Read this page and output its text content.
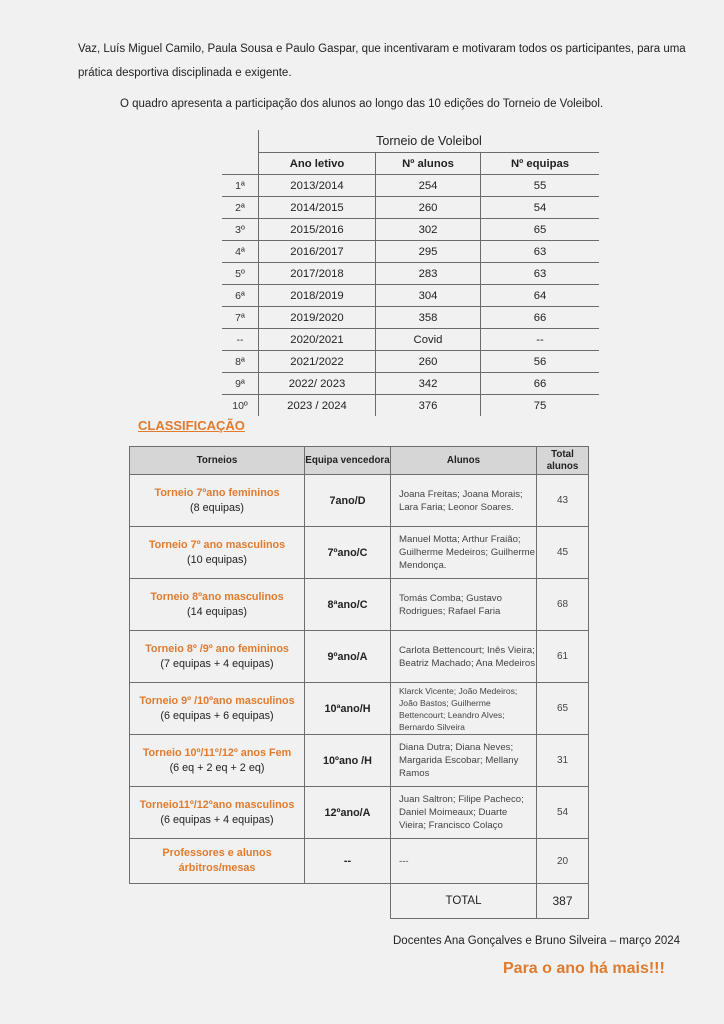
Vaz, Luís Miguel Camilo, Paula Sousa e Paulo Gaspar, que incentivaram e motivaram todos os participantes, para uma
prática desportiva disciplinada e exigente.
O quadro apresenta a participação dos alunos ao longo das 10 edições do Torneio de Voleibol.
	Torneio de Voleibol		
	Ano letivo	Nº alunos	Nº equipas
1ª	2013/2014	254	55
2ª	2014/2015	260	54
3º	2015/2016	302	65
4ª	2016/2017	295	63
5º	2017/2018	283	63
6ª	2018/2019	304	64
7ª	2019/2020	358	66
--	2020/2021	Covid	--
8ª	2021/2022	260	56
9ª	2022/ 2023	342	66
10º	2023 / 2024	376	75
CLASSIFICAÇÃO
Torneios	Equipa vencedora	Alunos	Total alunos

Torneio 7ºano femininos
(8 equipas)	7ano/D	Joana Freitas; Joana Morais; Lara Faria; Leonor Soares.	43

Torneio 7º ano masculinos
(10 equipas)	7ºano/C	Manuel Motta; Arthur Fraião; Guilherme Medeiros; Guilherme Mendonça.	45

Torneio 8ºano masculinos
(14 equipas)	8ªano/C	Tomás Comba; Gustavo Rodrigues; Rafael Faria	68

Torneio 8º /9º ano femininos
(7 equipas + 4 equipas)	9ºano/A	Carlota Bettencourt; Inês Vieira; Beatriz Machado; Ana Medeiros	61

Torneio 9º /10ºano masculinos
(6 equipas + 6 equipas)	10ªano/H	Klarck Vicente; João Medeiros; João Bastos; Guilherme Bettencourt; Leandro Alves; Bernardo Silveira	65

Torneio 10º/11º/12º anos Fem
(6 eq + 2 eq + 2 eq)	10ºano /H	Diana Dutra; Diana Neves; Margarida Escobar; Mellany Ramos	31

Torneio11º/12ºano masculinos
(6 equipas + 4 equipas)	12ºano/A	Juan Saltron; Filipe Pacheco; Daniel Moimeaux; Duarte Vieira; Francisco Colaço	54

Professores e alunos árbitros/mesas	--	---	20
		TOTAL	387
Docentes Ana Gonçalves e Bruno Silveira – março 2024
Para o ano há mais!!!
